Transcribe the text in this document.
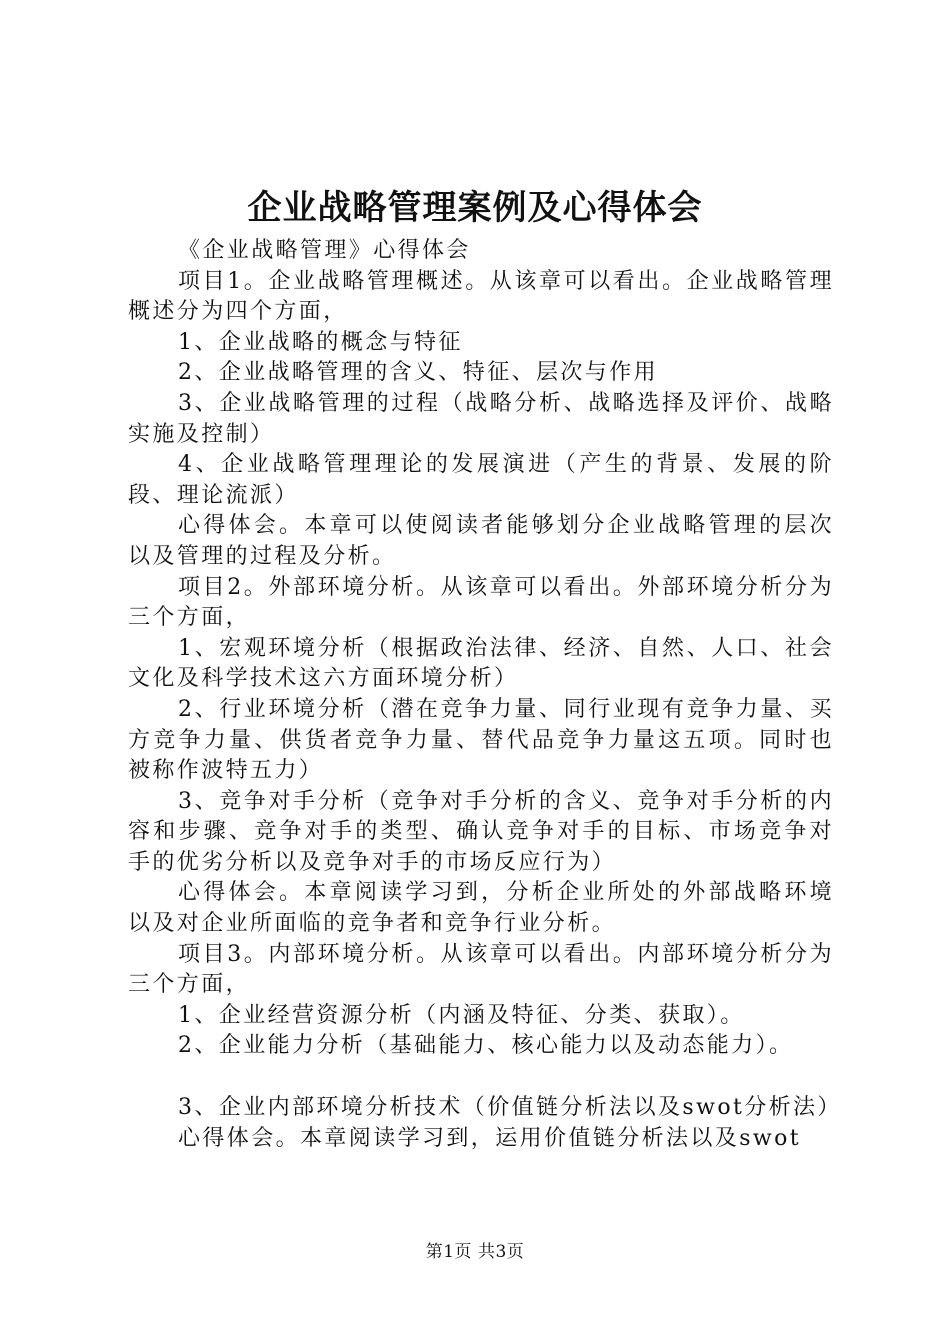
企业战略管理案例及心得体会

《企业战略管理》心得体会

项目1。企业战略管理概述。从该章可以看出。企业战略管理概述分为四个方面，

1、企业战略的概念与特征

2、企业战略管理的含义、特征、层次与作用

3、企业战略管理的过程（战略分析、战略选择及评价、战略实施及控制）

4、企业战略管理理论的发展演进（产生的背景、发展的阶段、理论流派）

心得体会。本章可以使阅读者能够划分企业战略管理的层次以及管理的过程及分析。

项目2。外部环境分析。从该章可以看出。外部环境分析分为三个方面，

1、宏观环境分析（根据政治法律、经济、自然、人口、社会文化及科学技术这六方面环境分析）

2、行业环境分析（潜在竞争力量、同行业现有竞争力量、买方竞争力量、供货者竞争力量、替代品竞争力量这五项。同时也被称作波特五力）

3、竞争对手分析（竞争对手分析的含义、竞争对手分析的内容和步骤、竞争对手的类型、确认竞争对手的目标、市场竞争对手的优劣分析以及竞争对手的市场反应行为）

心得体会。本章阅读学习到，分析企业所处的外部战略环境以及对企业所面临的竞争者和竞争行业分析。

项目3。内部环境分析。从该章可以看出。内部环境分析分为三个方面，

1、企业经营资源分析（内涵及特征、分类、获取）。

2、企业能力分析（基础能力、核心能力以及动态能力）。

3、企业内部环境分析技术（价值链分析法以及swot分析法）

心得体会。本章阅读学习到，运用价值链分析法以及swot

第1页 共3页
